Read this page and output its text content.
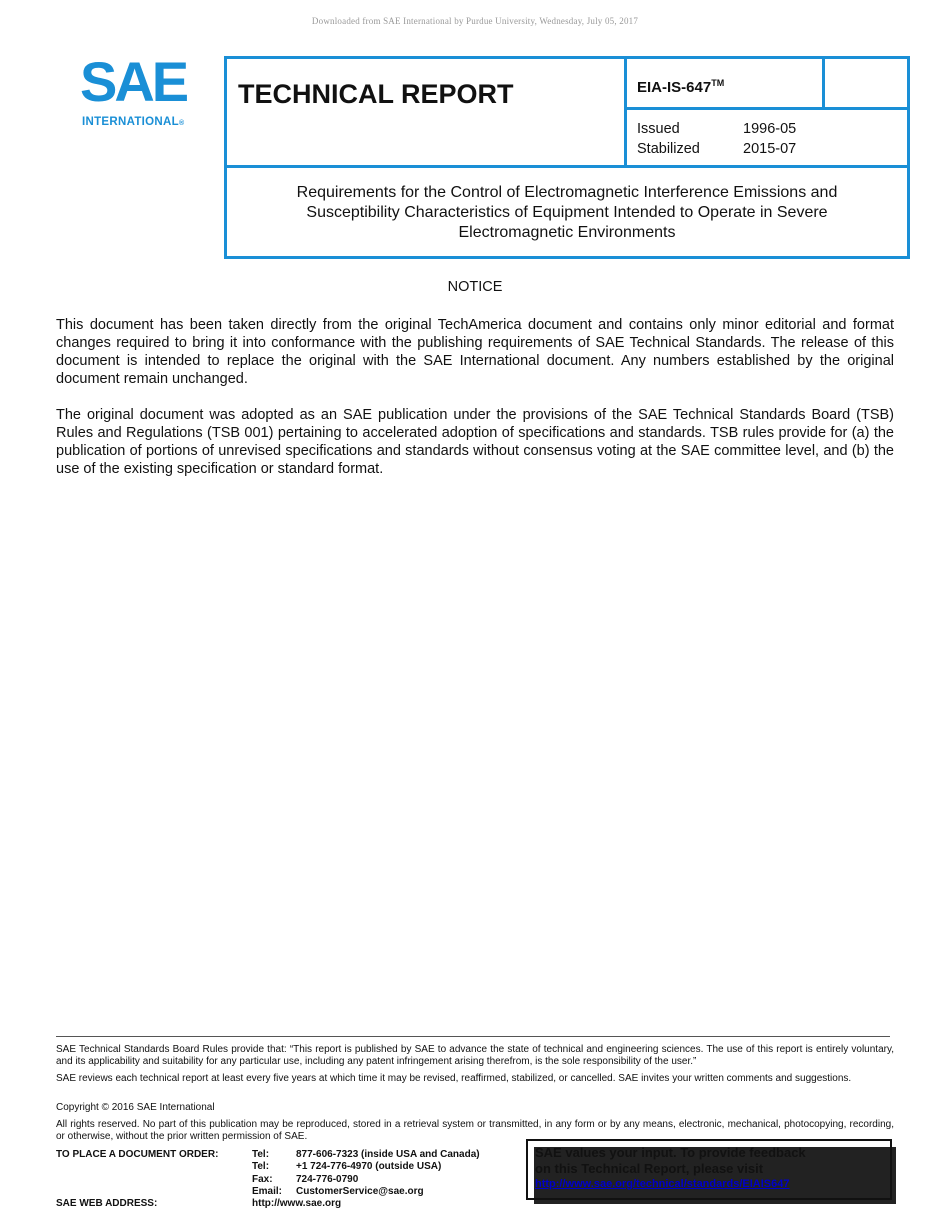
Downloaded from SAE International by Purdue University, Wednesday, July 05, 2017
SAE
INTERNATIONAL®
TECHNICAL REPORT	EIA-IS-647™
Issued	1996-05
Stabilized	2015-07
Requirements for the Control of Electromagnetic Interference Emissions and Susceptibility Characteristics of Equipment Intended to Operate in Severe Electromagnetic Environments
NOTICE
This document has been taken directly from the original TechAmerica document and contains only minor editorial and format changes required to bring it into conformance with the publishing requirements of SAE Technical Standards. The release of this document is intended to replace the original with the SAE International document. Any numbers established by the original document remain unchanged.
The original document was adopted as an SAE publication under the provisions of the SAE Technical Standards Board (TSB) Rules and Regulations (TSB 001) pertaining to accelerated adoption of specifications and standards. TSB rules provide for (a) the publication of portions of unrevised specifications and standards without consensus voting at the SAE committee level, and (b) the use of the existing specification or standard format.
SAE Technical Standards Board Rules provide that: “This report is published by SAE to advance the state of technical and engineering sciences. The use of this report is entirely voluntary, and its applicability and suitability for any particular use, including any patent infringement arising therefrom, is the sole responsibility of the user.”
SAE reviews each technical report at least every five years at which time it may be revised, reaffirmed, stabilized, or cancelled. SAE invites your written comments and suggestions.
Copyright © 2016 SAE International
All rights reserved. No part of this publication may be reproduced, stored in a retrieval system or transmitted, in any form or by any means, electronic, mechanical, photocopying, recording, or otherwise, without the prior written permission of SAE.
TO PLACE A DOCUMENT ORDER:	Tel:	877-606-7323 (inside USA and Canada)
Tel:	+1 724-776-4970 (outside USA)
Fax: 724-776-0790
Email: CustomerService@sae.org
SAE WEB ADDRESS:	http://www.sae.org
SAE values your input. To provide feedback
on this Technical Report, please visit
http://www.sae.org/technical/standards/EIAIS647
